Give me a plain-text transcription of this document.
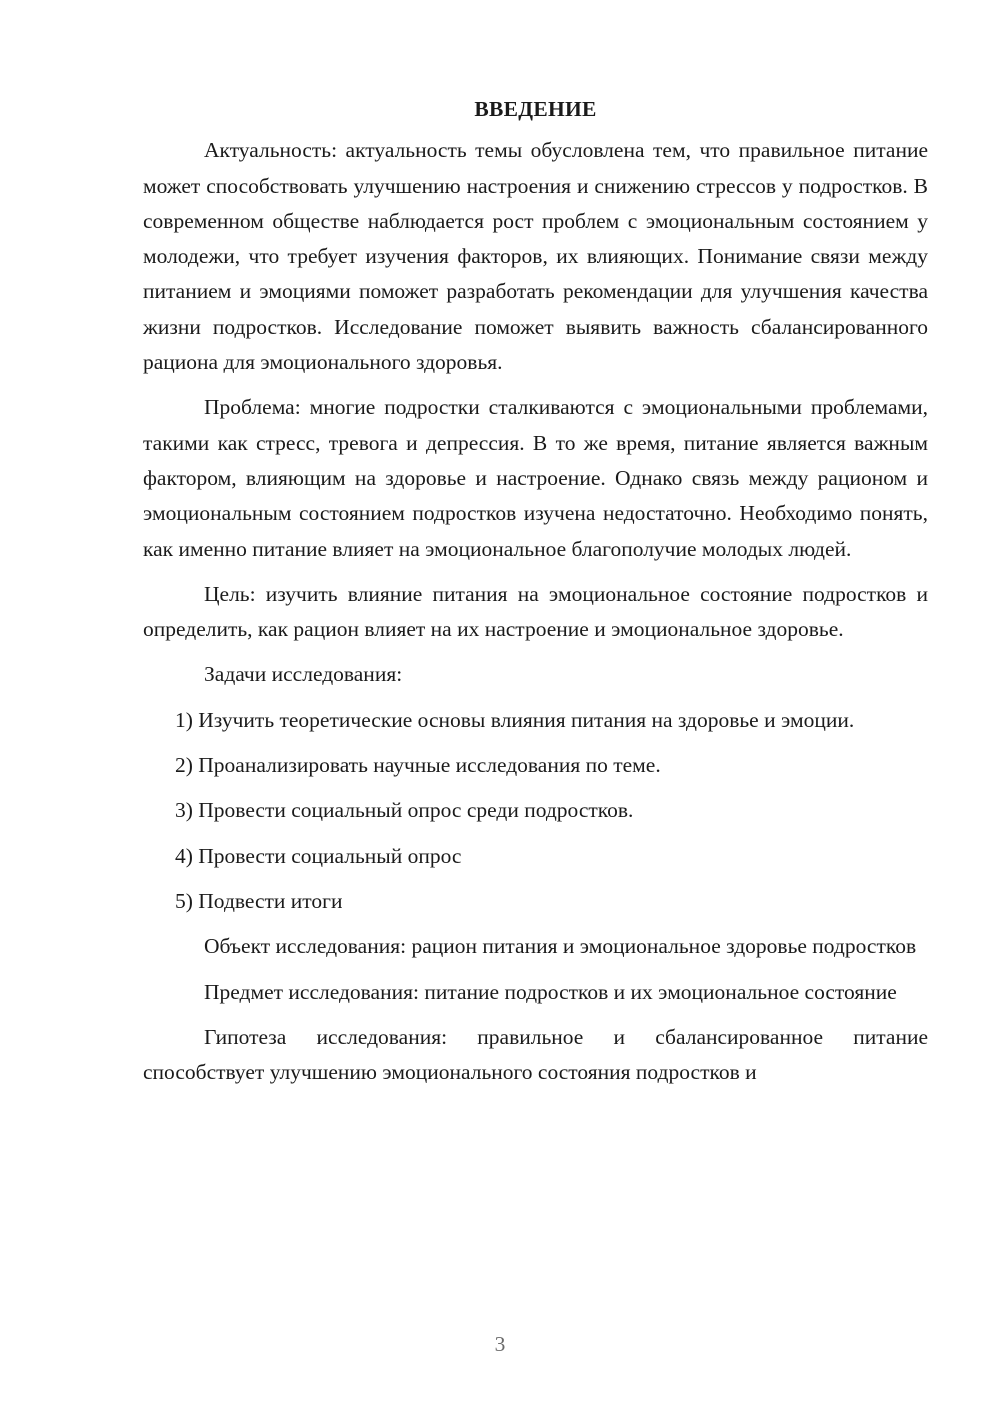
ВВЕДЕНИЕ

Актуальность: актуальность темы обусловлена тем, что правильное питание может способствовать улучшению настроения и снижению стрессов у подростков. В современном обществе наблюдается рост проблем с эмоциональным состоянием у молодежи, что требует изучения факторов, их влияющих. Понимание связи между питанием и эмоциями поможет разработать рекомендации для улучшения качества жизни подростков. Исследование поможет выявить важность сбалансированного рациона для эмоционального здоровья.

Проблема: многие подростки сталкиваются с эмоциональными проблемами, такими как стресс, тревога и депрессия. В то же время, питание является важным фактором, влияющим на здоровье и настроение. Однако связь между рационом и эмоциональным состоянием подростков изучена недостаточно. Необходимо понять, как именно питание влияет на эмоциональное благополучие молодых людей.

Цель: изучить влияние питания на эмоциональное состояние подростков и определить, как рацион влияет на их настроение и эмоциональное здоровье.

Задачи исследования:

1) Изучить теоретические основы влияния питания на здоровье и эмоции.

2) Проанализировать научные исследования по теме.

3) Провести социальный опрос среди подростков.

4) Провести социальный опрос

5) Подвести итоги

Объект исследования: рацион питания и эмоциональное здоровье подростков

Предмет исследования: питание подростков и их эмоциональное состояние

Гипотеза исследования: правильное и сбалансированное питание способствует улучшению эмоционального состояния подростков и

3
